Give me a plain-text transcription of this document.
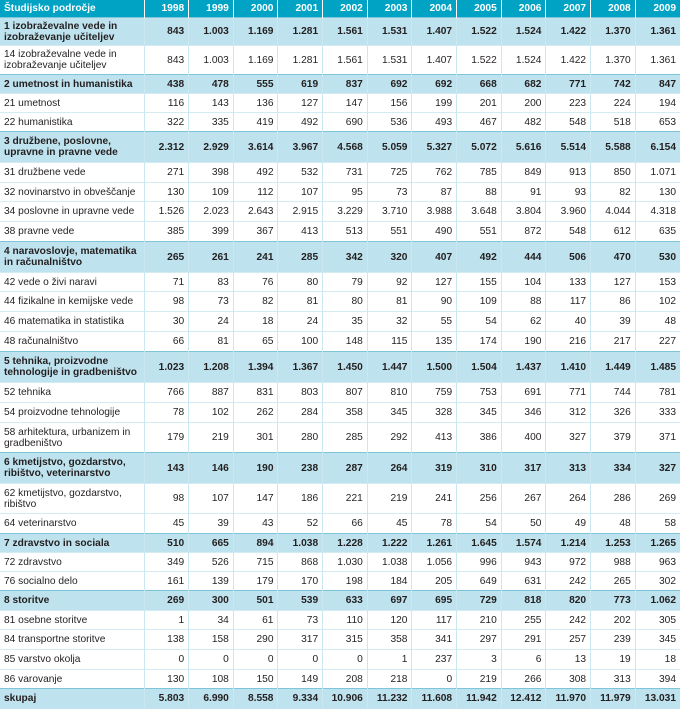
Študijsko področje	1998	1999	2000	2001	2002	2003	2004	2005	2006	2007	2008	2009
1 izobraževalne vede in izobraževanje učiteljev	843	1.003	1.169	1.281	1.561	1.531	1.407	1.522	1.524	1.422	1.370	1.361
14 izobraževalne vede in izobraževanje učiteljev	843	1.003	1.169	1.281	1.561	1.531	1.407	1.522	1.524	1.422	1.370	1.361
2 umetnost in humanistika	438	478	555	619	837	692	692	668	682	771	742	847
21 umetnost	116	143	136	127	147	156	199	201	200	223	224	194
22 humanistika	322	335	419	492	690	536	493	467	482	548	518	653
3 družbene, poslovne, upravne in pravne vede	2.312	2.929	3.614	3.967	4.568	5.059	5.327	5.072	5.616	5.514	5.588	6.154
31 družbene vede	271	398	492	532	731	725	762	785	849	913	850	1.071
32 novinarstvo in obveščanje	130	109	112	107	95	73	87	88	91	93	82	130
34 poslovne in upravne vede	1.526	2.023	2.643	2.915	3.229	3.710	3.988	3.648	3.804	3.960	4.044	4.318
38 pravne vede	385	399	367	413	513	551	490	551	872	548	612	635
4 naravoslovje, matematika in računalništvo	265	261	241	285	342	320	407	492	444	506	470	530
42 vede o živi naravi	71	83	76	80	79	92	127	155	104	133	127	153
44 fizikalne in kemijske vede	98	73	82	81	80	81	90	109	88	117	86	102
46 matematika in statistika	30	24	18	24	35	32	55	54	62	40	39	48
48 računalništvo	66	81	65	100	148	115	135	174	190	216	217	227
5 tehnika, proizvodne tehnologije in gradbeništvo	1.023	1.208	1.394	1.367	1.450	1.447	1.500	1.504	1.437	1.410	1.449	1.485
52 tehnika	766	887	831	803	807	810	759	753	691	771	744	781
54 proizvodne tehnologije	78	102	262	284	358	345	328	345	346	312	326	333
58 arhitektura, urbanizem in gradbeništvo	179	219	301	280	285	292	413	386	400	327	379	371
6 kmetijstvo, gozdarstvo, ribištvo, veterinarstvo	143	146	190	238	287	264	319	310	317	313	334	327
62 kmetijstvo, gozdarstvo, ribištvo	98	107	147	186	221	219	241	256	267	264	286	269
64 veterinarstvo	45	39	43	52	66	45	78	54	50	49	48	58
7 zdravstvo in sociala	510	665	894	1.038	1.228	1.222	1.261	1.645	1.574	1.214	1.253	1.265
72 zdravstvo	349	526	715	868	1.030	1.038	1.056	996	943	972	988	963
76 socialno delo	161	139	179	170	198	184	205	649	631	242	265	302
8 storitve	269	300	501	539	633	697	695	729	818	820	773	1.062
81 osebne storitve	1	34	61	73	110	120	117	210	255	242	202	305
84 transportne storitve	138	158	290	317	315	358	341	297	291	257	239	345
85 varstvo okolja	0	0	0	0	0	1	237	3	6	13	19	18
86 varovanje	130	108	150	149	208	218	0	219	266	308	313	394
skupaj	5.803	6.990	8.558	9.334	10.906	11.232	11.608	11.942	12.412	11.970	11.979	13.031
